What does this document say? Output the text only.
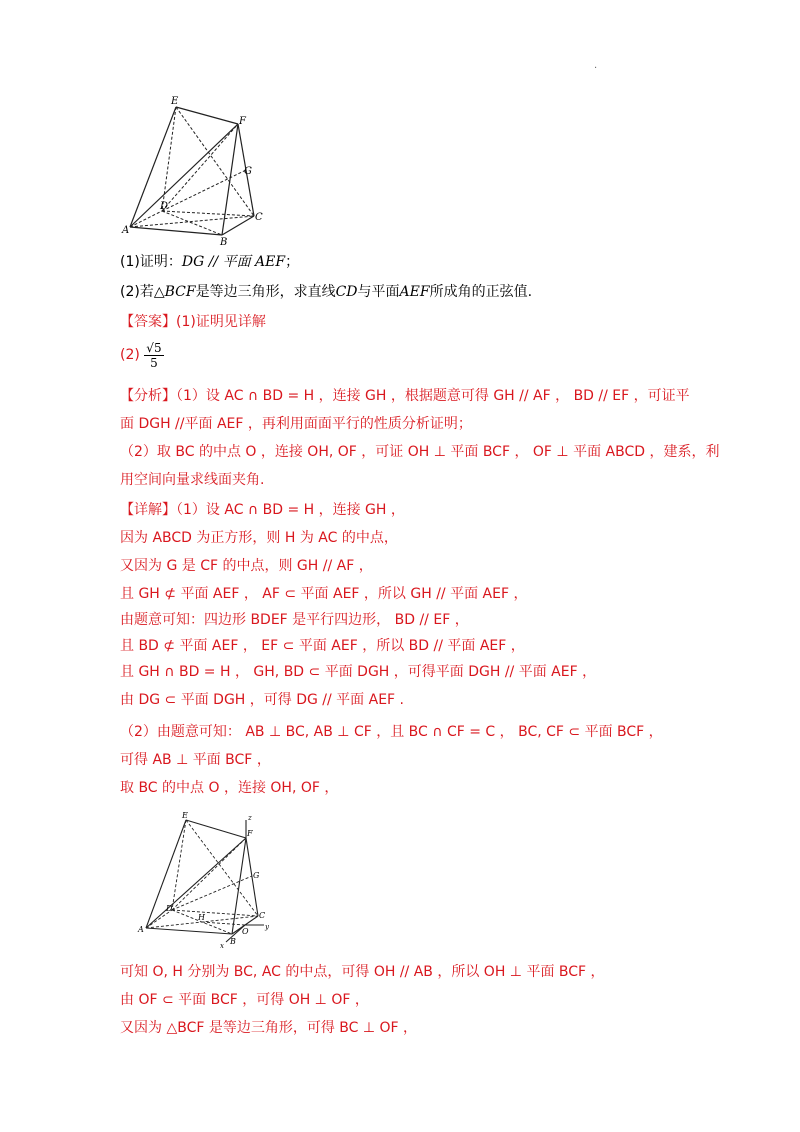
.
E
F
G
D
C
A
B
(1)证明：DG // 平面 AEF；
(2)若△BCF是等边三角形，求直线CD与平面AEF所成角的正弦值.
【答案】(1)证明见详解
$(2) \frac{√5}{5}$
【分析】（1）设 AC ∩ BD = H ，连接 GH ，根据题意可得 GH // AF ， BD // EF ，可证平
面 DGH //平面 AEF ，再利用面面平行的性质分析证明；
（2）取 BC 的中点 O ，连接 OH, OF ，可证 OH ⊥ 平面 BCF ， OF ⊥ 平面 ABCD ，建系，利
用空间向量求线面夹角.
【详解】（1）设 AC ∩ BD = H ，连接 GH ，
因为 ABCD 为正方形，则 H 为 AC 的中点，
又因为 G 是 CF 的中点，则 GH // AF ，
且 GH ⊄ 平面 AEF ， AF ⊂ 平面 AEF ，所以 GH // 平面 AEF ，
由题意可知：四边形 BDEF 是平行四边形， BD // EF ，
且 BD ⊄ 平面 AEF ， EF ⊂ 平面 AEF ，所以 BD // 平面 AEF ，
且 GH ∩ BD = H ， GH, BD ⊂ 平面 DGH ，可得平面 DGH // 平面 AEF ，
由 DG ⊂ 平面 DGH ，可得 DG // 平面 AEF .
（2）由题意可知： AB ⊥ BC, AB ⊥ CF ，且 BC ∩ CF = C ， BC, CF ⊂ 平面 BCF ，
可得 AB ⊥ 平面 BCF ，
取 BC 的中点 O ，连接 OH, OF ，
E
F
z
G
D
H	C
y
A
B
O
x
可知 O, H 分别为 BC, AC 的中点，可得 OH // AB ，所以 OH ⊥ 平面 BCF ，
由 OF ⊂ 平面 BCF ，可得 OH ⊥ OF ，
又因为 △BCF 是等边三角形，可得 BC ⊥ OF ，
